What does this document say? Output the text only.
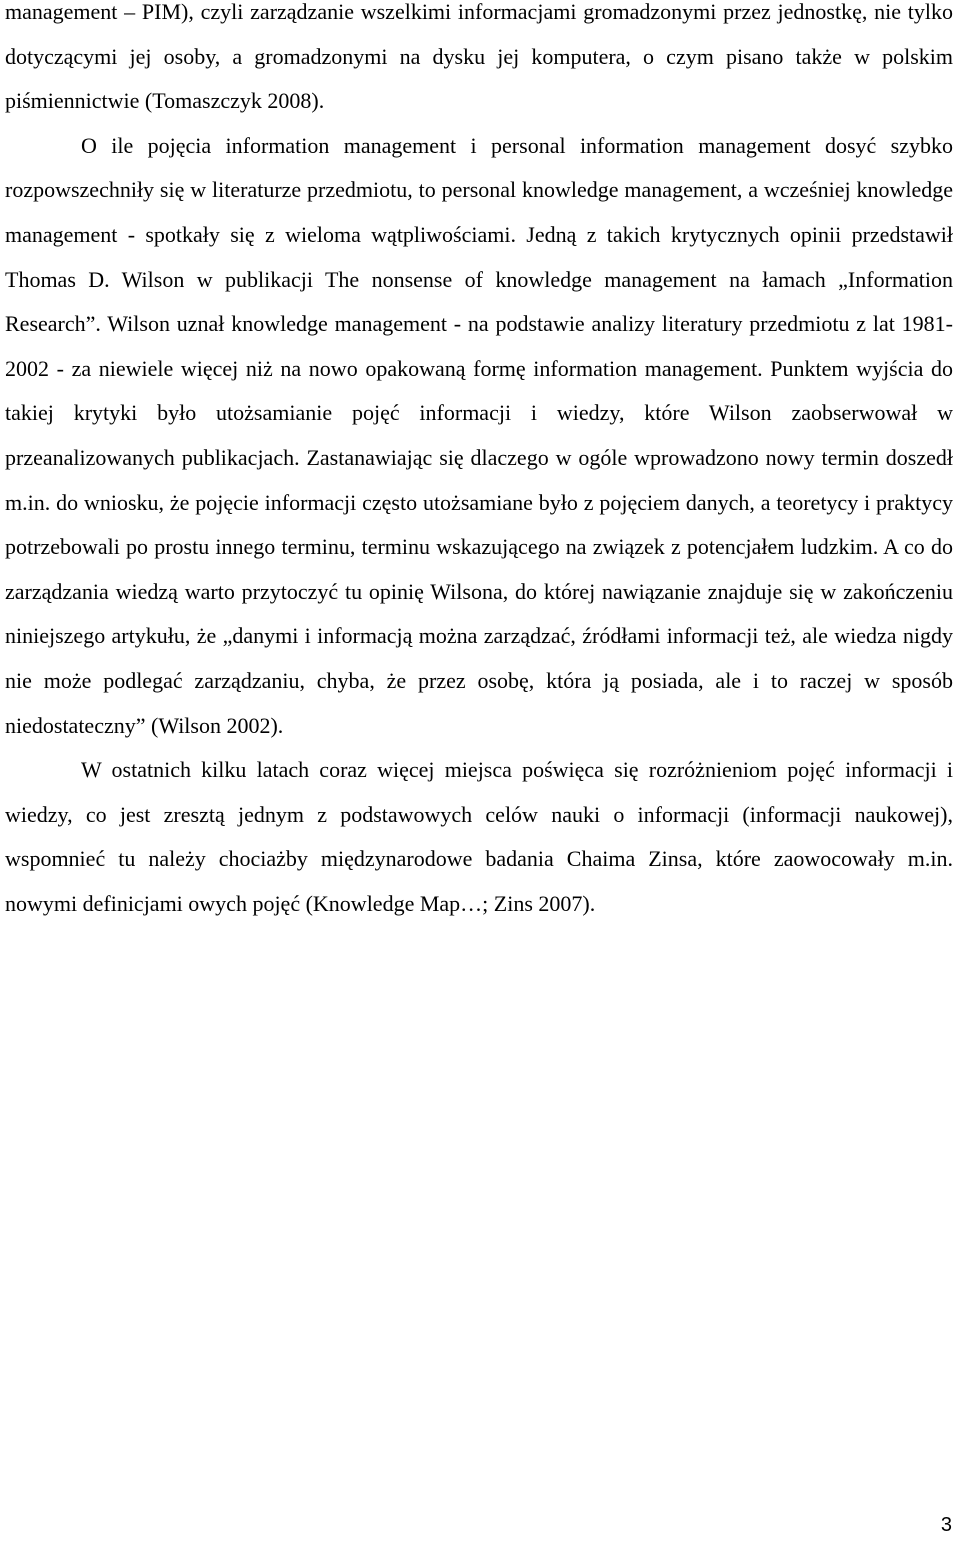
management – PIM), czyli zarządzanie wszelkimi informacjami gromadzonymi przez jednostkę, nie tylko dotyczącymi jej osoby, a gromadzonymi na dysku jej komputera, o czym pisano także w polskim piśmiennictwie (Tomaszczyk 2008).

O ile pojęcia information management i personal information management dosyć szybko rozpowszechniły się w literaturze przedmiotu, to personal knowledge management, a wcześniej knowledge management - spotkały się z wieloma wątpliwościami. Jedną z takich krytycznych opinii przedstawił Thomas D. Wilson w publikacji The nonsense of knowledge management na łamach „Information Research”. Wilson uznał knowledge management - na podstawie analizy literatury przedmiotu z lat 1981-2002 - za niewiele więcej niż na nowo opakowaną formę information management. Punktem wyjścia do takiej krytyki było utożsamianie pojęć informacji i wiedzy, które Wilson zaobserwował w przeanalizowanych publikacjach. Zastanawiając się dlaczego w ogóle wprowadzono nowy termin doszedł m.in. do wniosku, że pojęcie informacji często utożsamiane było z pojęciem danych, a teoretycy i praktycy potrzebowali po prostu innego terminu, terminu wskazującego na związek z potencjałem ludzkim. A co do zarządzania wiedzą warto przytoczyć tu opinię Wilsona, do której nawiązanie znajduje się w zakończeniu niniejszego artykułu, że „danymi i informacją można zarządzać, źródłami informacji też, ale wiedza nigdy nie może podlegać zarządzaniu, chyba, że przez osobę, która ją posiada, ale i to raczej w sposób niedostateczny” (Wilson 2002).

W ostatnich kilku latach coraz więcej miejsca poświęca się rozróżnieniom pojęć informacji i wiedzy, co jest zresztą jednym z podstawowych celów nauki o informacji (informacji naukowej), wspomnieć tu należy chociażby międzynarodowe badania Chaima Zinsa, które zaowocowały m.in. nowymi definicjami owych pojęć (Knowledge Map…; Zins 2007).

3
